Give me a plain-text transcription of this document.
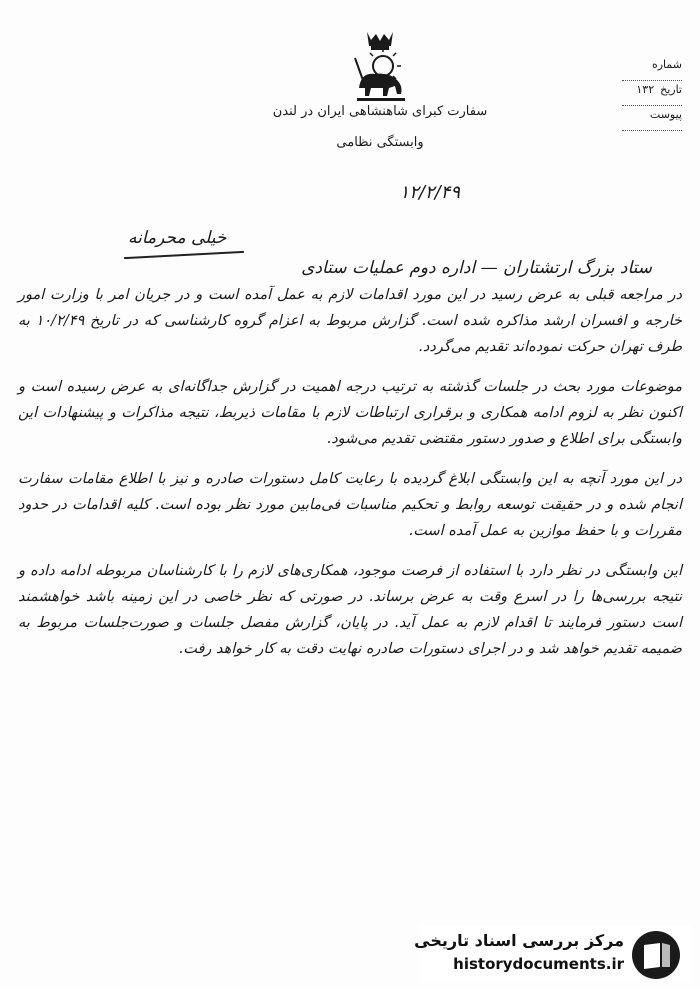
سفارت کبرای شاهنشاهی ایران در لندن
وابستگی نظامی
شماره
تاریخ
۱۳۲
پیوست
۱۲/۲/۴۹
خیلی محرمانه
ستاد بزرگ ارتشتاران — اداره دوم عملیات ستادی

در مراجعه قبلی به عرض رسید در این مورد اقدامات لازم به عمل آمده است و در جریان امر با وزارت امور خارجه و افسران ارشد مذاکره شده است. گزارش مربوط به اعزام گروه کارشناسی که در تاریخ ۱۰/۲/۴۹ به طرف تهران حرکت نموده‌اند تقدیم می‌گردد.

موضوعات مورد بحث در جلسات گذشته به ترتیب درجه اهمیت در گزارش جداگانه‌ای به عرض رسیده است و اکنون نظر به لزوم ادامه همکاری و برقراری ارتباطات لازم با مقامات ذیربط، نتیجه مذاکرات و پیشنهادات این وابستگی برای اطلاع و صدور دستور مقتضی تقدیم می‌شود.

در این مورد آنچه به این وابستگی ابلاغ گردیده با رعایت کامل دستورات صادره و نیز با اطلاع مقامات سفارت انجام شده و در حقیقت توسعه روابط و تحکیم مناسبات فی‌مابین مورد نظر بوده است. کلیه اقدامات در حدود مقررات و با حفظ موازین به عمل آمده است.

این وابستگی در نظر دارد با استفاده از فرصت موجود، همکاری‌های لازم را با کارشناسان مربوطه ادامه داده و نتیجه بررسی‌ها را در اسرع وقت به عرض برساند. در صورتی که نظر خاصی در این زمینه باشد خواهشمند است دستور فرمایند تا اقدام لازم به عمل آید. در پایان، گزارش مفصل جلسات و صورت‌جلسات مربوط به ضمیمه تقدیم خواهد شد و در اجرای دستورات صادره نهایت دقت به کار خواهد رفت.

مرکز بررسی اسناد تاریخی
historydocuments.ir
